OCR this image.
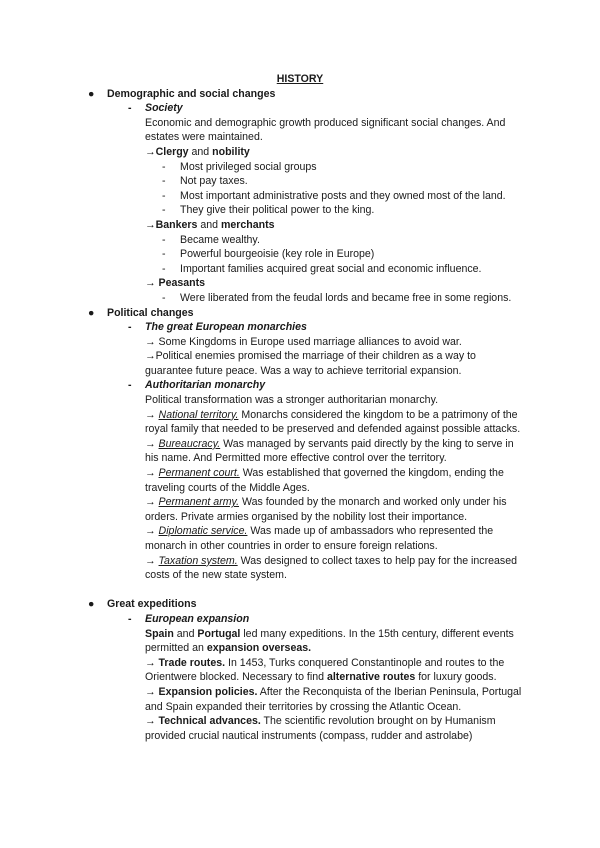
HISTORY
● Demographic and social changes
- Society
Economic and demographic growth produced significant social changes. And estates were maintained.
→Clergy and nobility
- Most privileged social groups
- Not pay taxes.
- Most important administrative posts and they owned most of the land.
- They give their political power to the king.
→Bankers and merchants
- Became wealthy.
- Powerful bourgeoisie (key role in Europe)
- Important families acquired great social and economic influence.
→ Peasants
- Were liberated from the feudal lords and became free in some regions.
● Political changes
- The great European monarchies
→ Some Kingdoms in Europe used marriage alliances to avoid war.
→Political enemies promised the marriage of their children as a way to guarantee future peace. Was a way to achieve territorial expansion.
- Authoritarian monarchy
Political transformation was a stronger authoritarian monarchy.
→ National territory. Monarchs considered the kingdom to be a patrimony of the royal family that needed to be preserved and defended against possible attacks.
→ Bureaucracy. Was managed by servants paid directly by the king to serve in his name. And Permitted more effective control over the territory.
→ Permanent court. Was established that governed the kingdom, ending the traveling courts of the Middle Ages.
→ Permanent army. Was founded by the monarch and worked only under his orders. Private armies organised by the nobility lost their importance.
→ Diplomatic service. Was made up of ambassadors who represented the monarch in other countries in order to ensure foreign relations.
→ Taxation system. Was designed to collect taxes to help pay for the increased costs of the new state system.
● Great expeditions
- European expansion
Spain and Portugal led many expeditions. In the 15th century, different events permitted an expansion overseas.
→ Trade routes. In 1453, Turks conquered Constantinople and routes to the Orientwere blocked. Necessary to find alternative routes for luxury goods.
→ Expansion policies. After the Reconquista of the Iberian Peninsula, Portugal and Spain expanded their territories by crossing the Atlantic Ocean.
→ Technical advances. The scientific revolution brought on by Humanism provided crucial nautical instruments (compass, rudder and astrolabe)
